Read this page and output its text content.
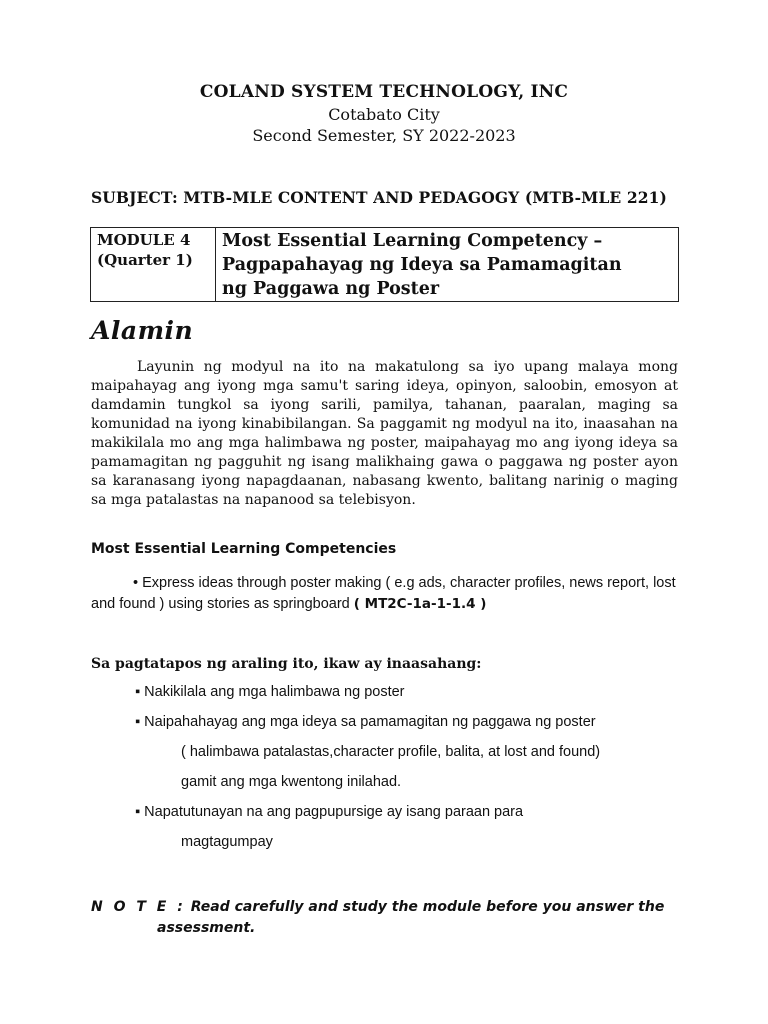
COLAND SYSTEM TECHNOLOGY, INC
Cotabato City
Second Semester, SY 2022-2023
SUBJECT: MTB-MLE CONTENT AND PEDAGOGY (MTB-MLE 221)
MODULE 4
(Quarter 1)
Most Essential Learning Competency –
Pagpapahayag ng Ideya sa Pamamagitan
ng Paggawa ng Poster
Alamin

Layunin ng modyul na ito na makatulong sa iyo upang malaya mong maipahayag ang iyong mga samu't saring ideya, opinyon, saloobin, emosyon at damdamin tungkol sa iyong sarili, pamilya, tahanan, paaralan, maging sa komunidad na iyong kinabibilangan. Sa paggamit ng modyul na ito, inaasahan na makikilala mo ang mga halimbawa ng poster, maipahayag mo ang iyong ideya sa pamamagitan ng pagguhit ng isang malikhaing gawa o paggawa ng poster ayon sa karanasang iyong napagdaanan, nabasang kwento, balitang narinig o maging sa mga patalastas na napanood sa telebisyon.

Most Essential Learning Competencies
• Express ideas through poster making ( e.g ads, character profiles, news report, lost and found ) using stories as springboard ( MT2C-1a-1-1.4 )
Sa pagtatapos ng araling ito, ikaw ay inaasahang:
▪ Nakikilala ang mga halimbawa ng poster
▪ Naipahahayag ang mga ideya sa pamamagitan ng paggawa ng poster
( halimbawa patalastas,character profile, balita, at lost and found)
gamit ang mga kwentong inilahad.
▪ Napatutunayan na ang pagpupursige ay isang paraan para
magtagumpay
N O T E : Read carefully and study the module before you answer the
assessment.
